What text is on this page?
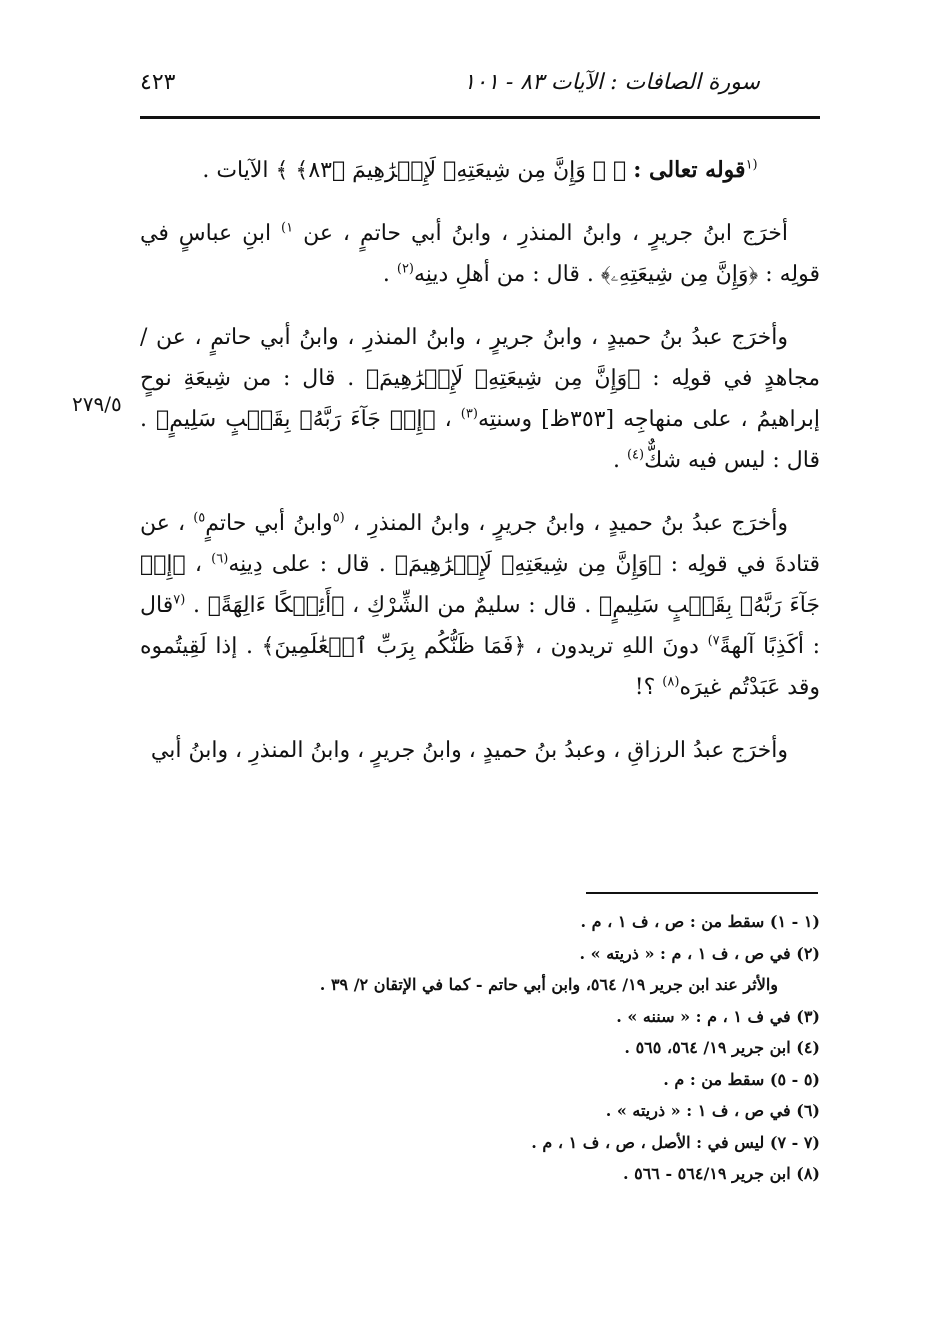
سورة الصافات : الآيات ٨٣ - ١٠١
٤٢٣
٢٧٩/٥

$^{(١}$قوله تعالى : ﴿ ۞ وَإِنَّ مِن شِيعَتِهِۦ لَإِبۡرَٰهِيمَ ﴿٨٣﴾ ﴾ الآيات .

أخرَج ابنُ جريرٍ ، وابنُ المنذرِ ، وابنُ أبي حاتمٍ ، عن $^{١)}$ ابنِ عباسٍ في قولِه : ﴿وَإِنَّ مِن شِيعَتِهِۦ﴾ . قال : من أهلِ دينِه$^{(٢)}$ .

وأخرَج عبدُ بنُ حميدٍ ، وابنُ جريرٍ ، وابنُ المنذرِ ، وابنُ أبي حاتمٍ ، عن /مجاهدٍ في قولِه : ﴿وَإِنَّ مِن شِيعَتِهِۦ لَإِبۡرَٰهِيمَ﴾ . قال : من شِيعَةِ نوحٍ إبراهيمُ ، على منهاجِه [٣٥٣ظ] وسنتِه$^{(٣)}$ ، ﴿إِذۡ جَآءَ رَبَّهُۥ بِقَلۡبٍ سَلِيمٍ﴾ . قال : ليس فيه شكٌّ$^{(٤)}$ .

وأخرَج عبدُ بنُ حميدٍ ، وابنُ جريرٍ ، وابنُ المنذرِ ، $^{(٥}$وابنُ أبي حاتمٍ$^{٥)}$ ، عن قتادةَ في قولِه : ﴿وَإِنَّ مِن شِيعَتِهِۦ لَإِبۡرَٰهِيمَ﴾ . قال : على دِينِه$^{(٦)}$ ، ﴿إِذۡ جَآءَ رَبَّهُۥ بِقَلۡبٍ سَلِيمٍ﴾ . قال : سليمٌ من الشِّرْكِ ، ﴿أَئِفۡكًا ءَالِهَةً﴾ . $^{(٧}$قال : أكَذِبًا آلهةً$^{٧)}$ دونَ اللهِ تريدون ، ﴿فَمَا ظَنُّكُم بِرَبِّ ٱلۡعَٰلَمِينَ﴾ . إذا لَقِيتُموه وقد عَبَدْتُم غيرَه$^{(٨)}$ ؟!

وأخرَج عبدُ الرزاقِ ، وعبدُ بنُ حميدٍ ، وابنُ جريرٍ ، وابنُ المنذرِ ، وابنُ أبي

(١ - ١) سقط من : ص ، ف ١ ، م .
(٢) في ص ، ف ١ ، م : « ذريته » .
والأثر عند ابن جرير ١٩/ ٥٦٤، وابن أبي حاتم - كما في الإتقان ٢/ ٣٩ .
(٣) في ف ١ ، م : « سننه » .
(٤) ابن جرير ١٩/ ٥٦٤، ٥٦٥ .
(٥ - ٥) سقط من : م .
(٦) في ص ، ف ١ : « ذريته » .
(٧ - ٧) ليس في : الأصل ، ص ، ف ١ ، م .
(٨) ابن جرير ٥٦٤/١٩ - ٥٦٦ .
